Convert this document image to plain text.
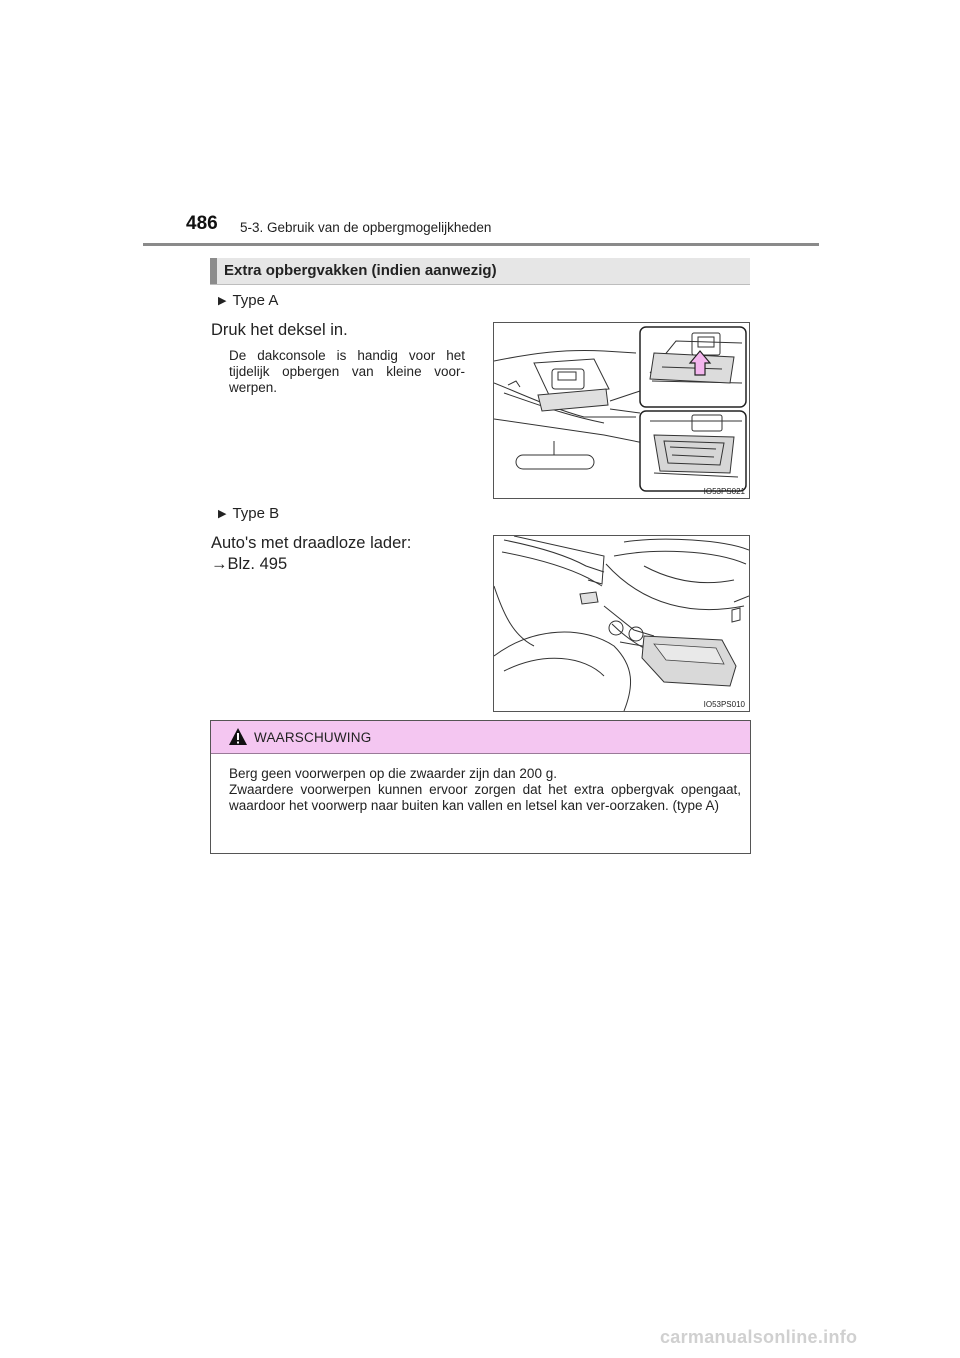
486 5-3. Gebruik van de opbergmogelijkheden
Extra opbergvakken (indien aanwezig)
▶ Type A
Druk het deksel in.
De dakconsole is handig voor het tijdelijk opbergen van kleine voor-werpen.
IO53PS021
▶ Type B
Auto's met draadloze lader:
→Blz. 495
IO53PS010
WAARSCHUWING
Berg geen voorwerpen op die zwaarder zijn dan 200 g.
Zwaardere voorwerpen kunnen ervoor zorgen dat het extra opbergvak opengaat, waardoor het voorwerp naar buiten kan vallen en letsel kan ver-oorzaken. (type A)
carmanualsonline.info
